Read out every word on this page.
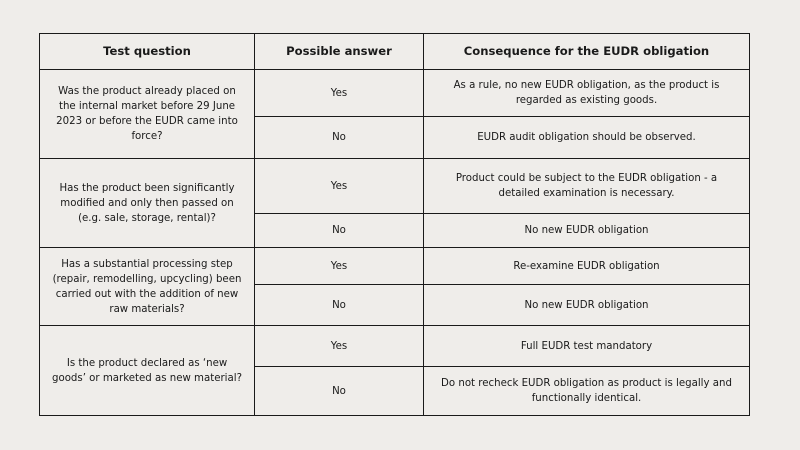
Test question	Possible answer	Consequence for the EUDR obligation
Was the product already placed on the internal market before 29 June 2023 or before the EUDR came into force?	Yes	As a rule, no new EUDR obligation, as the product is regarded as existing goods.
	No	EUDR audit obligation should be observed.
Has the product been significantly modified and only then passed on (e.g. sale, storage, rental)?	Yes	Product could be subject to the EUDR obligation - a detailed examination is necessary.
	No	No new EUDR obligation
Has a substantial processing step (repair, remodelling, upcycling) been carried out with the addition of new raw materials?	Yes	Re-examine EUDR obligation
	No	No new EUDR obligation
Is the product declared as ‘new goods’ or marketed as new material?	Yes	Full EUDR test mandatory
	No	Do not recheck EUDR obligation as product is legally and functionally identical.
